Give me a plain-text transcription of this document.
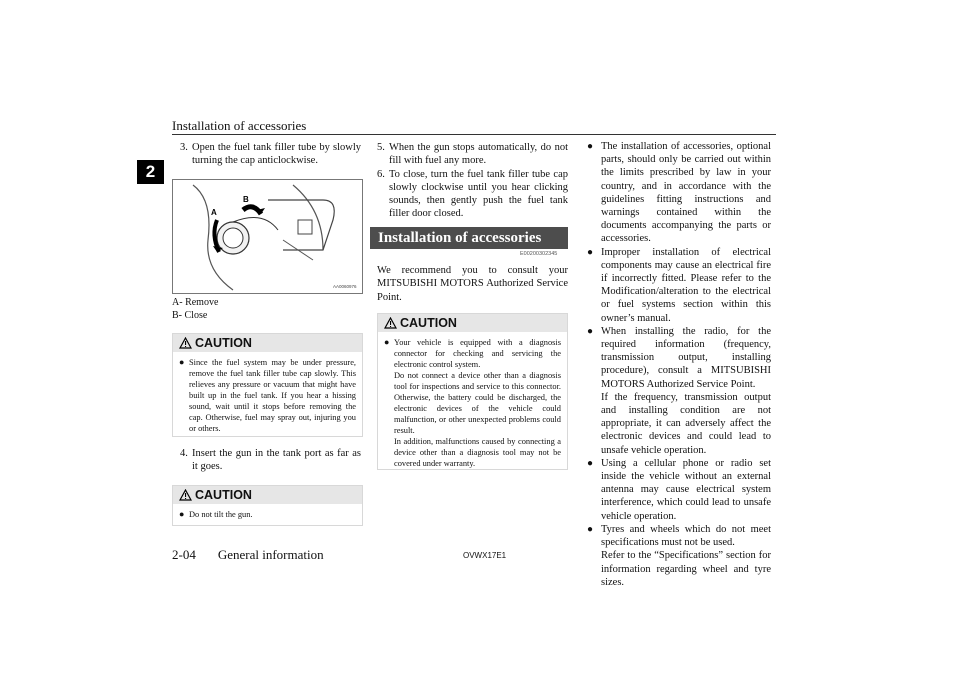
Installation of accessories
2
3. Open the fuel tank filler tube by slowly turning the cap anticlockwise.
A
B
AA0060976
A- Remove
B- Close
CAUTION
● Since the fuel system may be under pressure, remove the fuel tank filler tube cap slowly. This relieves any pressure or vacuum that might have built up in the fuel tank. If you hear a hissing sound, wait until it stops before removing the cap. Otherwise, fuel may spray out, injuring you or others.
4. Insert the gun in the tank port as far as it goes.
CAUTION
● Do not tilt the gun.
5. When the gun stops automatically, do not fill with fuel any more.
6. To close, turn the fuel tank filler tube cap slowly clockwise until you hear clicking sounds, then gently push the fuel tank filler door closed.
Installation of accessories
E00200302345
We recommend you to consult your MITSUBISHI MOTORS Authorized Service Point.
CAUTION
● Your vehicle is equipped with a diagnosis connector for checking and servicing the electronic control system.
Do not connect a device other than a diagnosis tool for inspections and service to this connector. Otherwise, the battery could be discharged, the electronic devices of the vehicle could malfunction, or other unexpected problems could result.
In addition, malfunctions caused by connecting a device other than a diagnosis tool may not be covered under warranty.
● The installation of accessories, optional parts, should only be carried out within the limits prescribed by law in your country, and in accordance with the guidelines fitting instructions and warnings contained within the documents accompanying the parts or accessories.
● Improper installation of electrical components may cause an electrical fire if incorrectly fitted. Please refer to the Modification/alteration to the electrical or fuel systems section within this owner’s manual.
● When installing the radio, for the required information (frequency, transmission output, installing procedure), consult a MITSUBISHI MOTORS Authorized Service Point.
If the frequency, transmission output and installing condition are not appropriate, it can adversely affect the electronic devices and could lead to unsafe vehicle operation.
● Using a cellular phone or radio set inside the vehicle without an external antenna may cause electrical system interference, which could lead to unsafe vehicle operation.
● Tyres and wheels which do not meet specifications must not be used.
Refer to the “Specifications” section for information regarding wheel and tyre sizes.
2-04 General information	OVWX17E1
